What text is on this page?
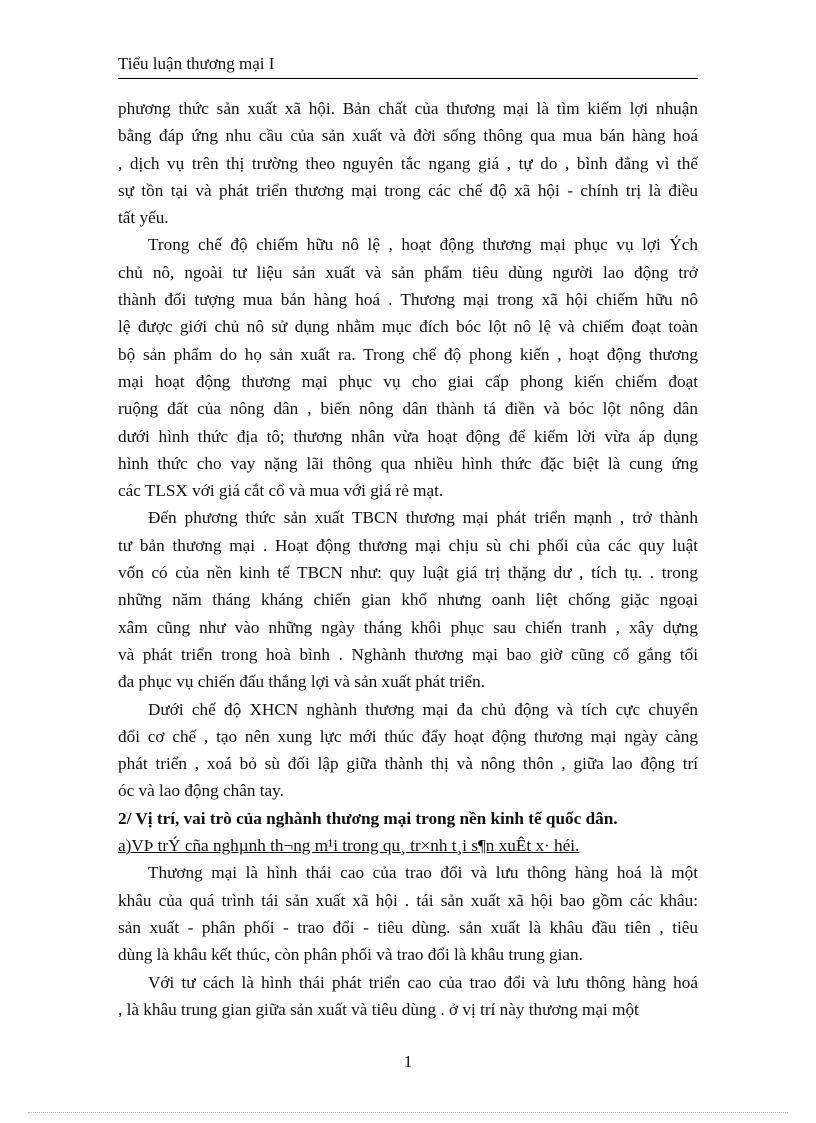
Tiểu luận thương mại I
phương thức sản xuất xã hội. Bản chất của thương mại là tìm kiếm lợi nhuận
bằng đáp ứng nhu cầu của sản xuất và đời sống thông qua mua bán hàng hoá
, dịch vụ trên thị trường theo nguyên tắc ngang giá , tự do , bình đẳng vì thế
sự tồn tại và phát triển thương mại trong các chế độ xã hội - chính trị là điều
tất yếu.
Trong chế độ chiếm hữu nô lệ , hoạt động thương mại phục vụ lợi Ých
chủ nô, ngoài tư liệu sản xuất và sản phẩm tiêu dùng người lao động trở
thành đối tượng mua bán hàng hoá . Thương mại trong xã hội chiếm hữu nô
lệ được giới chủ nô sử dụng nhằm mục đích bóc lột nô lệ và chiếm đoạt toàn
bộ sản phẩm do họ sản xuất ra. Trong chế độ phong kiến , hoạt động thương
mại hoạt động thương mại phục vụ cho giai cấp phong kiến chiếm đoạt
ruộng đất của nông dân , biến nông dân thành tá điền và bóc lột nông dân
dưới hình thức địa tô; thương nhân vừa hoạt động để kiếm lời vừa áp dụng
hình thức cho vay nặng lãi thông qua nhiều hình thức đặc biệt là cung ứng
các TLSX với giá cắt cổ và mua với giá rẻ mạt.
Đến phương thức sản xuất TBCN thương mại phát triển mạnh , trở thành
tư bản thương mại . Hoạt động thương mại chịu sù chi phối của các quy luật
vốn có của nền kinh tế TBCN như: quy luật giá trị thặng dư , tích tụ. . trong
những năm tháng kháng chiến gian khổ nhưng oanh liệt chống giặc ngoại
xâm cũng như vào những ngày tháng khôi phục sau chiến tranh , xây dựng
và phát triển trong hoà bình . Nghành thương mại bao giờ cũng cố gắng tối
đa phục vụ chiến đấu thắng lợi và sản xuất phát triển.
Dưới chế độ XHCN nghành thương mại đa chủ động và tích cực chuyển
đổi cơ chế , tạo nên xung lực mới thúc đẩy hoạt động thương mại ngày càng
phát triển , xoá bỏ sù đối lập giữa thành thị và nông thôn , giữa lao động trí
óc và lao động chân tay.
2/ Vị trí, vai trò của nghành thương mại trong nền kinh tế quốc dân.
a)VÞ trÝ cña nghµnh th¬ng m¹i trong qu¸ tr×nh t¸i s¶n xuÊt x· héi.
Thương mại là hình thái cao của trao đổi và lưu thông hàng hoá là một
khâu của quá trình tái sản xuất xã hội . tái sản xuất xã hội bao gồm các khâu:
sản xuất - phân phối - trao đổi - tiêu dùng. sản xuất là khâu đầu tiên , tiêu
dùng là khâu kết thúc, còn phân phối và trao đổi là khâu trung gian.
Với tư cách là hình thái phát triển cao của trao đổi và lưu thông hàng hoá
, là khâu trung gian giữa sản xuất và tiêu dùng . ở vị trí này thương mại một
1
